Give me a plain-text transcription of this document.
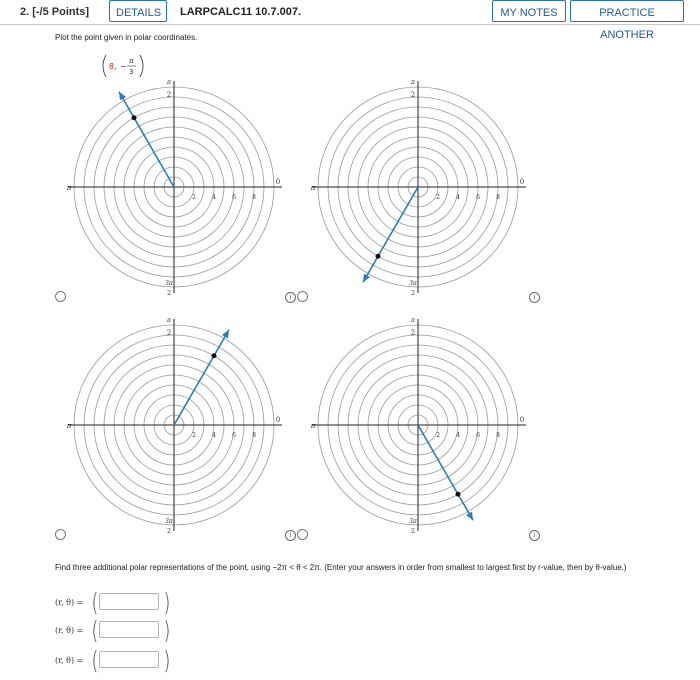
2. [-/5 Points]	DETAILS	LARPCALC11 10.7.007.	MY NOTES	PRACTICE ANOTHER
Plot the point given in polar coordinates.
8, −
π
3
π
2
3π
2
π
0
2	4	6	8
π
2
3π
2
π
0
2	4	6	8
π
2
3π
2
π
0
2	4	6	8
π
2
3π
2
π
0
2	4	6	8
i	i
i	i
Find three additional polar representations of the point, using −2π < θ < 2π. (Enter your answers in order from smallest to largest first by r-value, then by θ-value.)
(r, θ) = (	)
(r, θ) = (	)
(r, θ) = (	)
